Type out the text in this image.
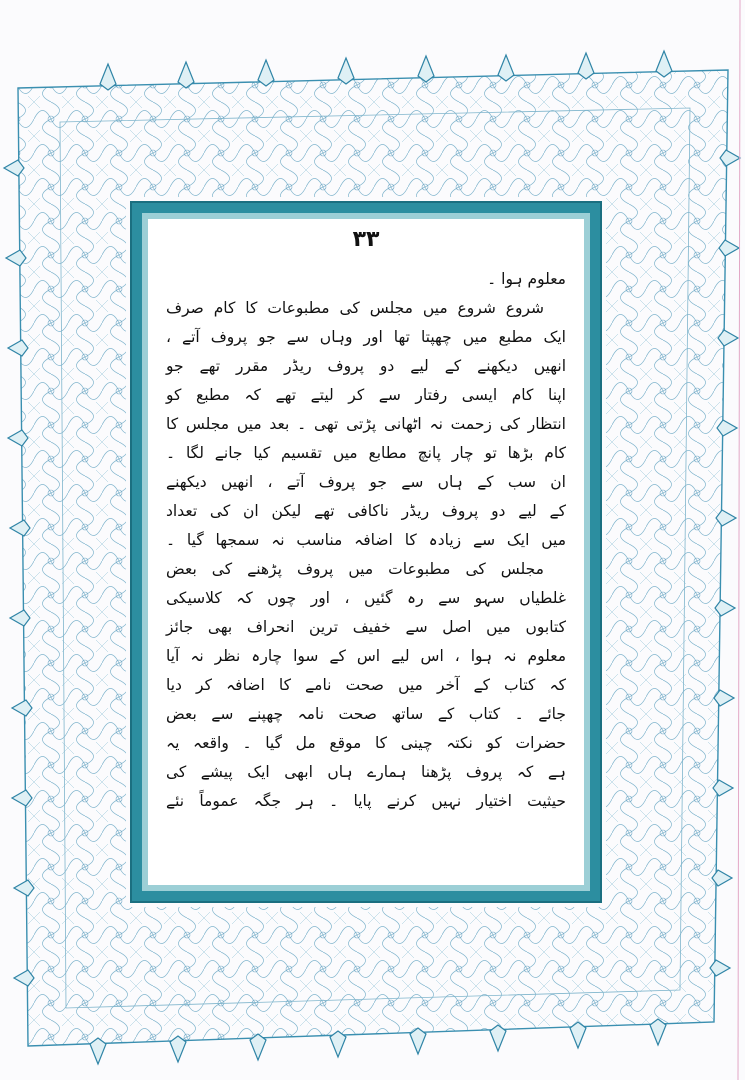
۳۳
معلوم ہوا ۔
شروع شروع میں مجلس کی مطبوعات کا کام صرف
ایک مطبع میں چھپتا تھا اور وہاں سے جو پروف آتے ،
انھیں دیکھنے کے لیے دو پروف ریڈر مقرر تھے جو
اپنا کام ایسی رفتار سے کر لیتے تھے کہ مطبع کو
انتظار کی زحمت نہ اٹھانی پڑتی تھی ۔ بعد میں مجلس کا
کام بڑھا تو چار پانچ مطابع میں تقسیم کیا جانے لگا ۔
ان سب کے ہاں سے جو پروف آتے ، انھیں دیکھنے
کے لیے دو پروف ریڈر ناکافی تھے لیکن ان کی تعداد
میں ایک سے زیادہ کا اضافہ مناسب نہ سمجھا گیا ۔
مجلس کی مطبوعات میں پروف پڑھنے کی بعض
غلطیاں سہو سے رہ گئیں ، اور چوں کہ کلاسیکی
کتابوں میں اصل سے خفیف ترین انحراف بھی جائز
معلوم نہ ہوا ، اس لیے اس کے سوا چارہ نظر نہ آیا
کہ کتاب کے آخر میں صحت نامے کا اضافہ کر دیا
جائے ۔ کتاب کے ساتھ صحت نامہ چھپنے سے بعض
حضرات کو نکتہ چینی کا موقع مل گیا ۔ واقعہ یہ
ہے کہ پروف پڑھنا ہمارے ہاں ابھی ایک پیشے کی
حیثیت اختیار نہیں کرنے پایا ۔ ہر جگہ عموماً نئے
